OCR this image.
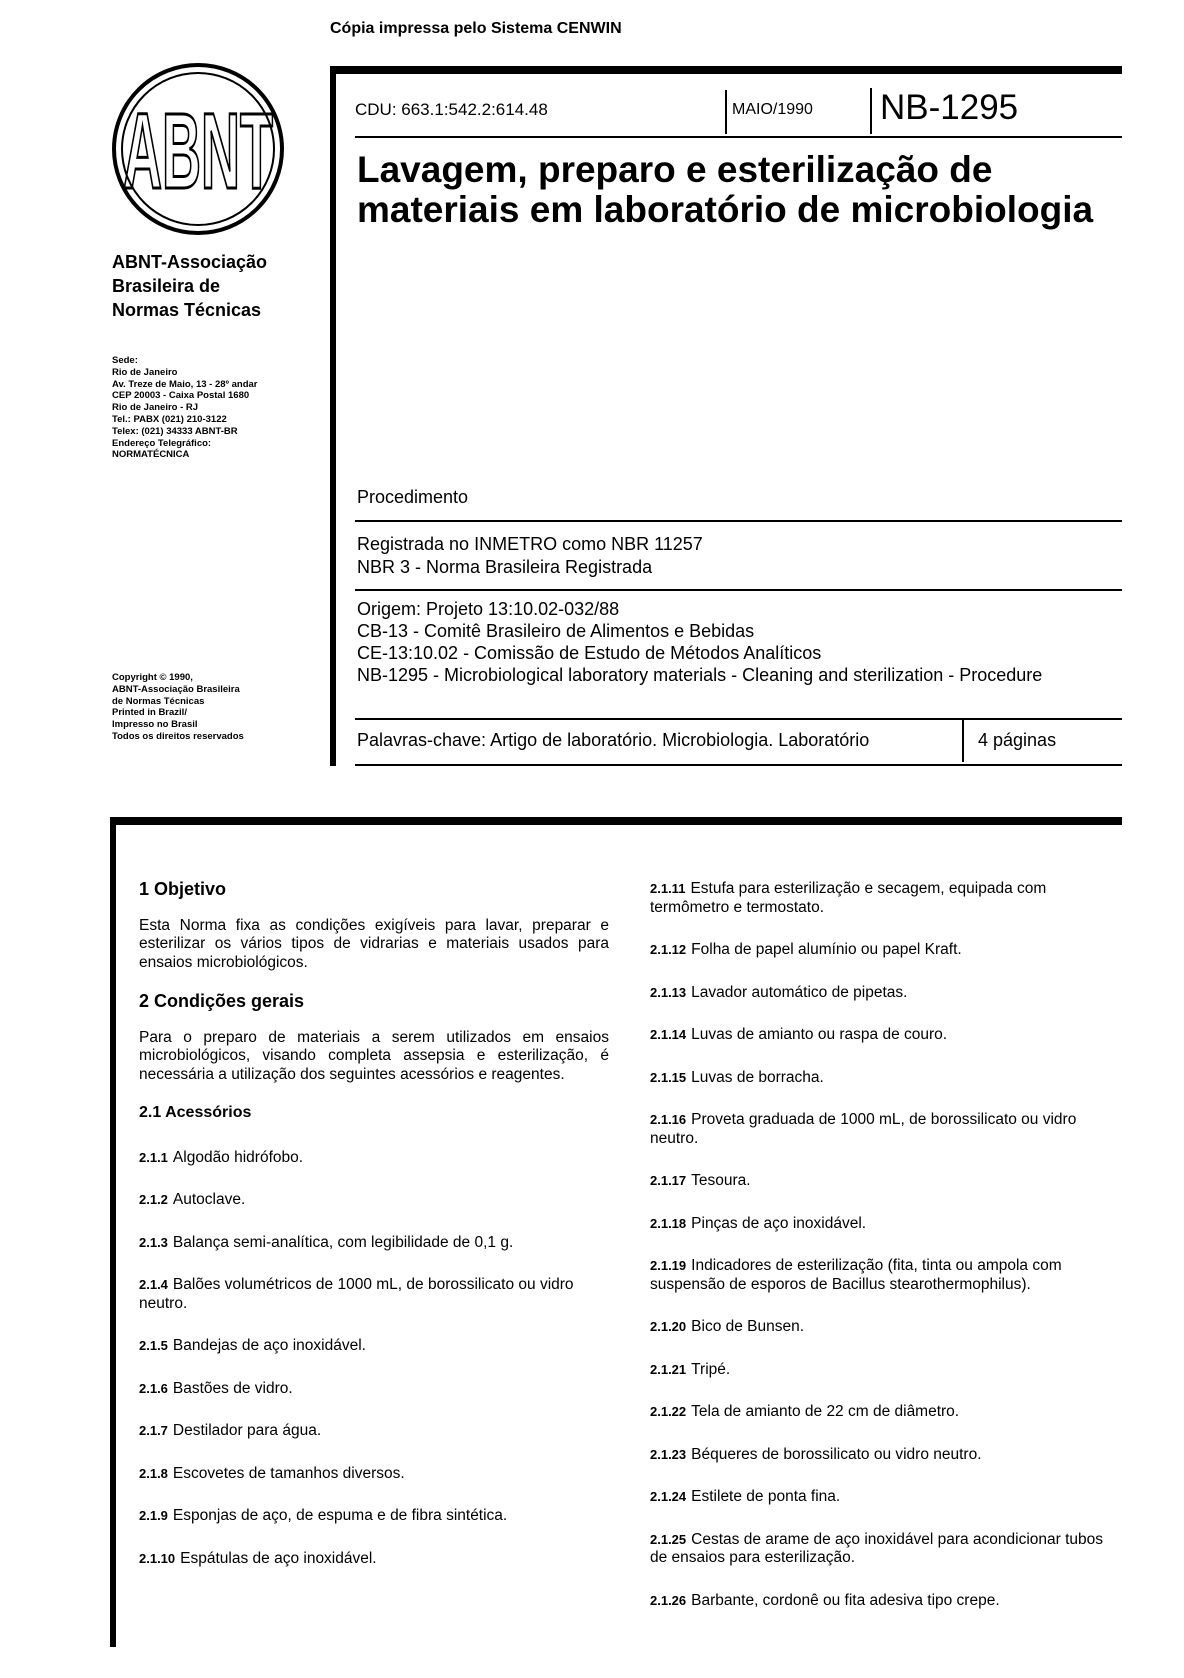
Cópia impressa pelo Sistema CENWIN
ABNT
ABNT-Associação
Brasileira de
Normas Técnicas
Sede:
Rio de Janeiro
Av. Treze de Maio, 13 - 28º andar
CEP 20003 - Caixa Postal 1680
Rio de Janeiro - RJ
Tel.: PABX (021) 210-3122
Telex: (021) 34333 ABNT-BR
Endereço Telegráfico:
NORMATÉCNICA
Copyright © 1990,
ABNT-Associação Brasileira
de Normas Técnicas
Printed in Brazil/
Impresso no Brasil
Todos os direitos reservados
CDU: 663.1:542.2:614.48	MAIO/1990 NB-1295
Lavagem, preparo e esterilização de materiais em laboratório de microbiologia
Procedimento
Registrada no INMETRO como NBR 11257
NBR 3 - Norma Brasileira Registrada
Origem: Projeto 13:10.02-032/88
CB-13 - Comitê Brasileiro de Alimentos e Bebidas
CE-13:10.02 - Comissão de Estudo de Métodos Analíticos
NB-1295 - Microbiological laboratory materials - Cleaning and sterilization - Procedure
Palavras-chave: Artigo de laboratório. Microbiologia. Laboratório	4 páginas
1 Objetivo
Esta Norma fixa as condições exigíveis para lavar, preparar e esterilizar os vários tipos de vidrarias e materiais usados para ensaios microbiológicos.
2 Condições gerais
Para o preparo de materiais a serem utilizados em ensaios microbiológicos, visando completa assepsia e esterilização, é necessária a utilização dos seguintes acessórios e reagentes.
2.1 Acessórios
2.1.1 Algodão hidrófobo.
2.1.2 Autoclave.
2.1.3 Balança semi-analítica, com legibilidade de 0,1 g.
2.1.4 Balões volumétricos de 1000 mL, de borossilicato ou vidro neutro.
2.1.5 Bandejas de aço inoxidável.
2.1.6 Bastões de vidro.
2.1.7 Destilador para água.
2.1.8 Escovetes de tamanhos diversos.
2.1.9 Esponjas de aço, de espuma e de fibra sintética.
2.1.10 Espátulas de aço inoxidável.
2.1.11 Estufa para esterilização e secagem, equipada com termômetro e termostato.
2.1.12 Folha de papel alumínio ou papel Kraft.
2.1.13 Lavador automático de pipetas.
2.1.14 Luvas de amianto ou raspa de couro.
2.1.15 Luvas de borracha.
2.1.16 Proveta graduada de 1000 mL, de borossilicato ou vidro neutro.
2.1.17 Tesoura.
2.1.18 Pinças de aço inoxidável.
2.1.19 Indicadores de esterilização (fita, tinta ou ampola com suspensão de esporos de Bacillus stearothermophilus).
2.1.20 Bico de Bunsen.
2.1.21 Tripé.
2.1.22 Tela de amianto de 22 cm de diâmetro.
2.1.23 Béqueres de borossilicato ou vidro neutro.
2.1.24 Estilete de ponta fina.
2.1.25 Cestas de arame de aço inoxidável para acondicionar tubos de ensaios para esterilização.
2.1.26 Barbante, cordonê ou fita adesiva tipo crepe.
